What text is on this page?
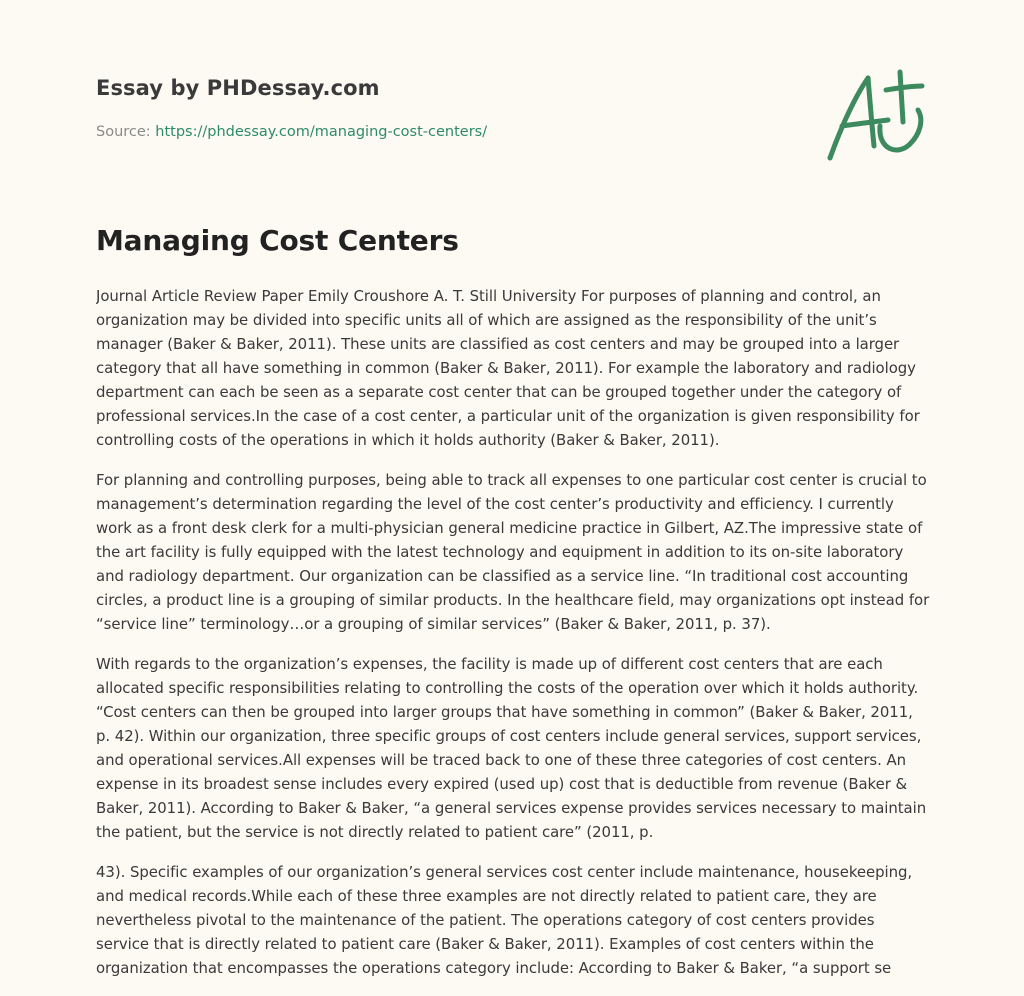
Essay by PHDessay.com
Source: https://phdessay.com/managing-cost-centers/
Managing Cost Centers

Journal Article Review Paper Emily Croushore A. T. Still University For purposes of planning and control, an organization may be divided into specific units all of which are assigned as the responsibility of the unit’s manager (Baker & Baker, 2011). These units are classified as cost centers and may be grouped into a larger category that all have something in common (Baker & Baker, 2011). For example the laboratory and radiology department can each be seen as a separate cost center that can be grouped together under the category of professional services.In the case of a cost center, a particular unit of the organization is given responsibility for controlling costs of the operations in which it holds authority (Baker & Baker, 2011).

For planning and controlling purposes, being able to track all expenses to one particular cost center is crucial to management’s determination regarding the level of the cost center’s productivity and efficiency. I currently work as a front desk clerk for a multi-physician general medicine practice in Gilbert, AZ.The impressive state of the art facility is fully equipped with the latest technology and equipment in addition to its on-site laboratory and radiology department. Our organization can be classified as a service line. “In traditional cost accounting circles, a product line is a grouping of similar products. In the healthcare field, may organizations opt instead for “service line” terminology…or a grouping of similar services” (Baker & Baker, 2011, p. 37).

With regards to the organization’s expenses, the facility is made up of different cost centers that are each allocated specific responsibilities relating to controlling the costs of the operation over which it holds authority. “Cost centers can then be grouped into larger groups that have something in common” (Baker & Baker, 2011, p. 42). Within our organization, three specific groups of cost centers include general services, support services, and operational services.All expenses will be traced back to one of these three categories of cost centers. An expense in its broadest sense includes every expired (used up) cost that is deductible from revenue (Baker & Baker, 2011). According to Baker & Baker, “a general services expense provides services necessary to maintain the patient, but the service is not directly related to patient care” (2011, p.

43). Specific examples of our organization’s general services cost center include maintenance, housekeeping, and medical records.While each of these three examples are not directly related to patient care, they are nevertheless pivotal to the maintenance of the patient. The operations category of cost centers provides service that is directly related to patient care (Baker & Baker, 2011). Examples of cost centers within the organization that encompasses the operations category include: According to Baker & Baker, “a support se
